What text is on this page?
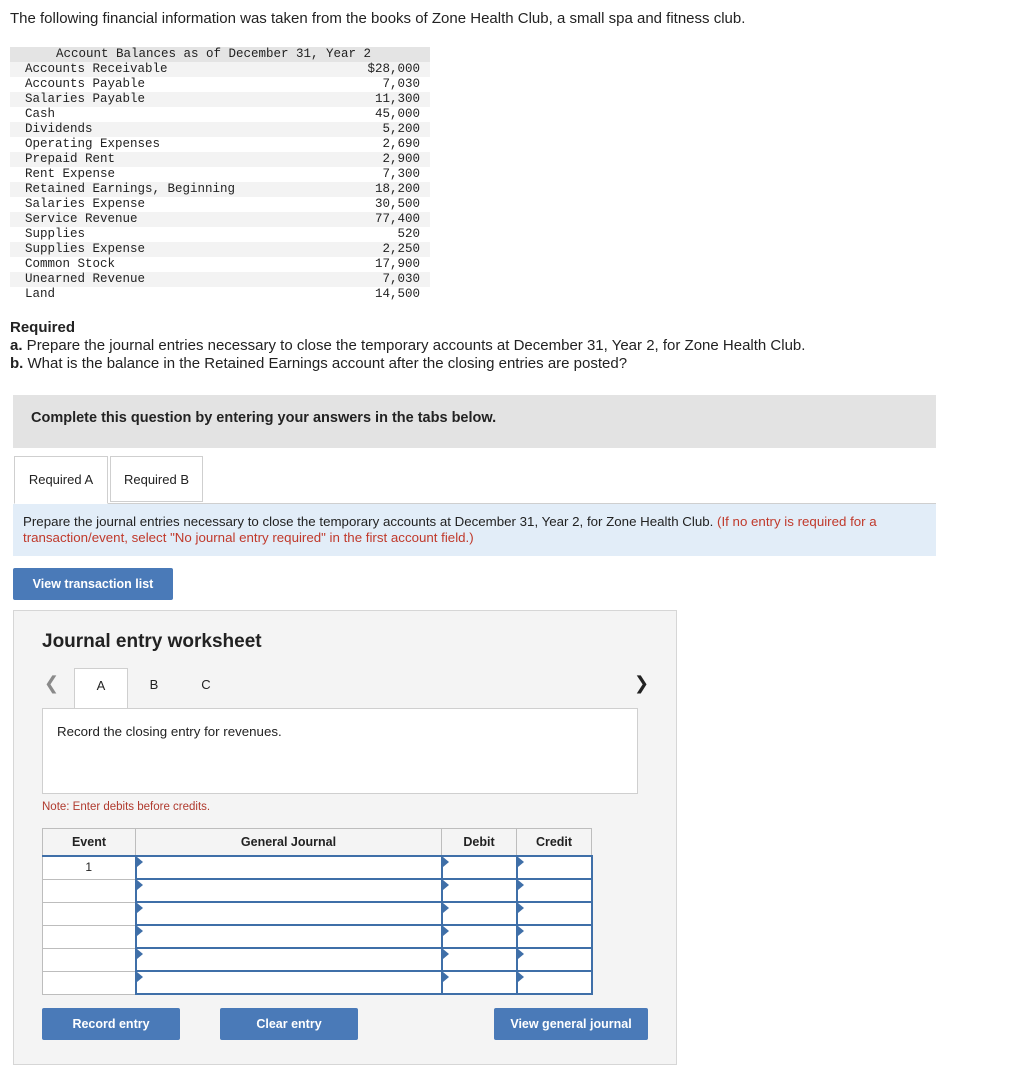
The following financial information was taken from the books of Zone Health Club, a small spa and fitness club.
Account Balances as of December 31, Year 2
Accounts Receivable	$28,000
Accounts Payable	7,030
Salaries Payable	11,300
Cash	45,000
Dividends	5,200
Operating Expenses	2,690
Prepaid Rent	2,900
Rent Expense	7,300
Retained Earnings, Beginning	18,200
Salaries Expense	30,500
Service Revenue	77,400
Supplies	520
Supplies Expense	2,250
Common Stock	17,900
Unearned Revenue	7,030
Land	14,500
Required
a. Prepare the journal entries necessary to close the temporary accounts at December 31, Year 2, for Zone Health Club.
b. What is the balance in the Retained Earnings account after the closing entries are posted?
Complete this question by entering your answers in the tabs below.
Required A	Required B
Prepare the journal entries necessary to close the temporary accounts at December 31, Year 2, for Zone Health Club. (If no entry is required for a transaction/event, select "No journal entry required" in the first account field.)
View transaction list
Journal entry worksheet
❮	A	B	C	❯
Record the closing entry for revenues.
Note: Enter debits before credits.
Event	General Journal	Debit	Credit
1	

Record entry	Clear entry	View general journal
